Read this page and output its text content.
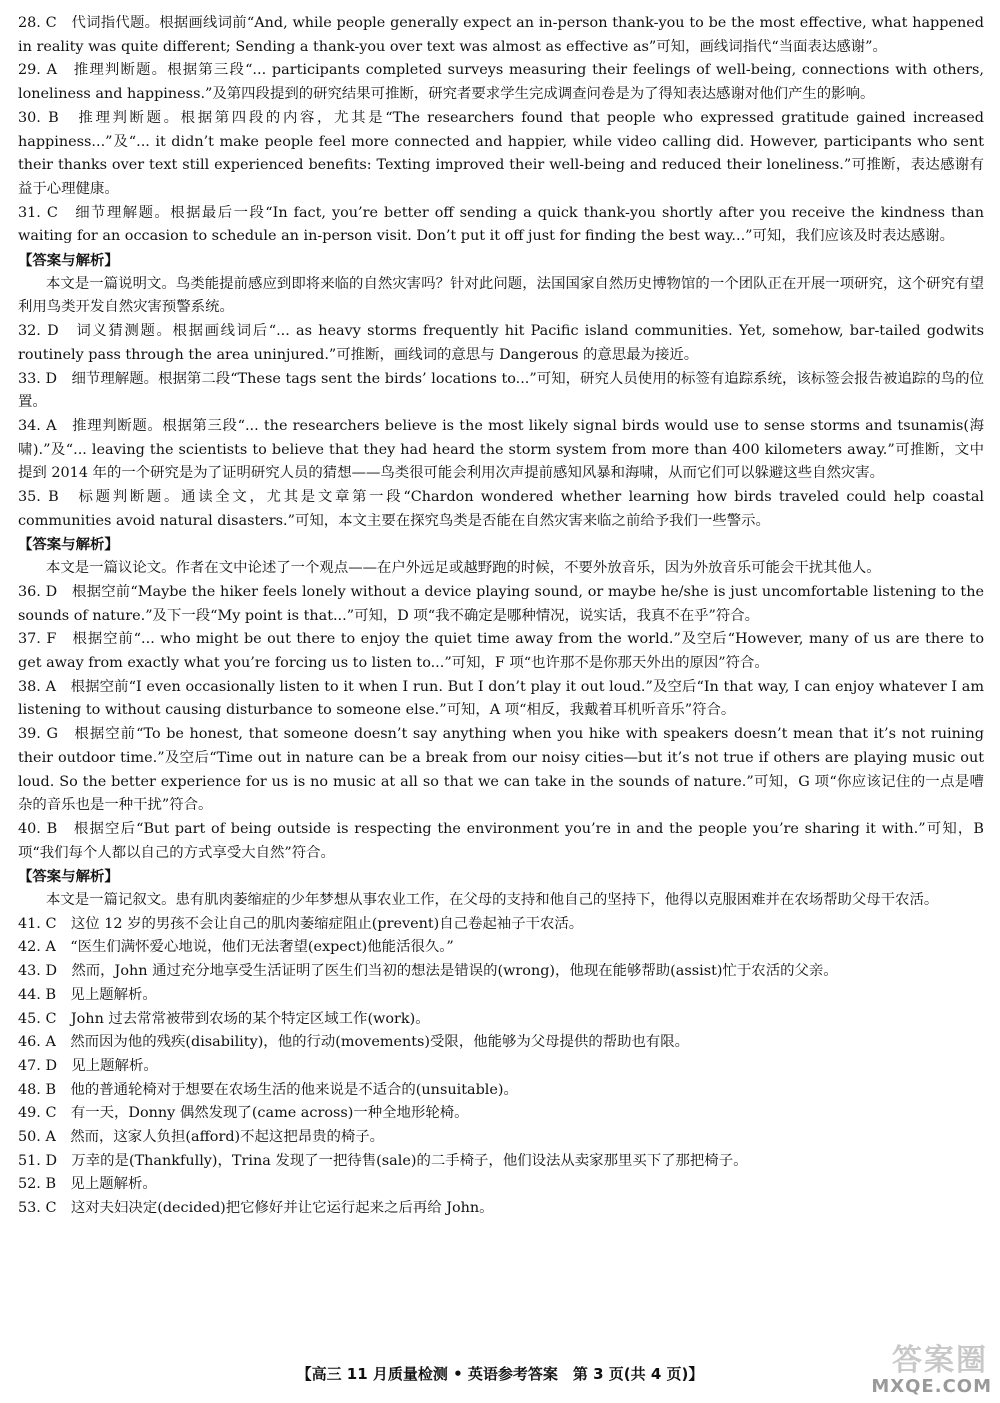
28. C　代词指代题。根据画线词前“And, while people generally expect an in-person thank-you to be the most effective, what happened in reality was quite different; Sending a thank-you over text was almost as effective as”可知，画线词指代“当面表达感谢”。

29. A　推理判断题。根据第三段“... participants completed surveys measuring their feelings of well-being, connections with others, loneliness and happiness.”及第四段提到的研究结果可推断，研究者要求学生完成调查问卷是为了得知表达感谢对他们产生的影响。

30. B　推理判断题。根据第四段的内容，尤其是“The researchers found that people who expressed gratitude gained increased happiness...”及“... it didn’t make people feel more connected and happier, while video calling did. However, participants who sent their thanks over text still experienced benefits: Texting improved their well-being and reduced their loneliness.”可推断，表达感谢有益于心理健康。

31. C　细节理解题。根据最后一段“In fact, you’re better off sending a quick thank-you shortly after you receive the kindness than waiting for an occasion to schedule an in-person visit. Don’t put it off just for finding the best way...”可知，我们应该及时表达感谢。

【答案与解析】

本文是一篇说明文。鸟类能提前感应到即将来临的自然灾害吗？针对此问题，法国国家自然历史博物馆的一个团队正在开展一项研究，这个研究有望利用鸟类开发自然灾害预警系统。

32. D　词义猜测题。根据画线词后“... as heavy storms frequently hit Pacific island communities. Yet, somehow, bar-tailed godwits routinely pass through the area uninjured.”可推断，画线词的意思与 Dangerous 的意思最为接近。

33. D　细节理解题。根据第二段“These tags sent the birds’ locations to...”可知，研究人员使用的标签有追踪系统，该标签会报告被追踪的鸟的位置。

34. A　推理判断题。根据第三段“... the researchers believe is the most likely signal birds would use to sense storms and tsunamis(海啸).”及“... leaving the scientists to believe that they had heard the storm system from more than 400 kilometers away.”可推断，文中提到 2014 年的一个研究是为了证明研究人员的猜想——鸟类很可能会利用次声提前感知风暴和海啸，从而它们可以躲避这些自然灾害。

35. B　标题判断题。通读全文，尤其是文章第一段“Chardon wondered whether learning how birds traveled could help coastal communities avoid natural disasters.”可知，本文主要在探究鸟类是否能在自然灾害来临之前给予我们一些警示。

【答案与解析】

本文是一篇议论文。作者在文中论述了一个观点——在户外远足或越野跑的时候，不要外放音乐，因为外放音乐可能会干扰其他人。

36. D　根据空前“Maybe the hiker feels lonely without a device playing sound, or maybe he/she is just uncomfortable listening to the sounds of nature.”及下一段“My point is that...”可知，D 项“我不确定是哪种情况，说实话，我真不在乎”符合。

37. F　根据空前“... who might be out there to enjoy the quiet time away from the world.”及空后“However, many of us are there to get away from exactly what you’re forcing us to listen to...”可知，F 项“也许那不是你那天外出的原因”符合。

38. A　根据空前“I even occasionally listen to it when I run. But I don’t play it out loud.”及空后“In that way, I can enjoy whatever I am listening to without causing disturbance to someone else.”可知，A 项“相反，我戴着耳机听音乐”符合。

39. G　根据空前“To be honest, that someone doesn’t say anything when you hike with speakers doesn’t mean that it’s not ruining their outdoor time.”及空后“Time out in nature can be a break from our noisy cities—but it’s not true if others are playing music out loud. So the better experience for us is no music at all so that we can take in the sounds of nature.”可知，G 项“你应该记住的一点是嘈杂的音乐也是一种干扰”符合。

40. B　根据空后“But part of being outside is respecting the environment you’re in and the people you’re sharing it with.”可知，B 项“我们每个人都以自己的方式享受大自然”符合。

【答案与解析】

本文是一篇记叙文。患有肌肉萎缩症的少年梦想从事农业工作，在父母的支持和他自己的坚持下，他得以克服困难并在农场帮助父母干农活。

41. C　这位 12 岁的男孩不会让自己的肌肉萎缩症阻止(prevent)自己卷起袖子干农活。

42. A　“医生们满怀爱心地说，他们无法奢望(expect)他能活很久。”

43. D　然而，John 通过充分地享受生活证明了医生们当初的想法是错误的(wrong)，他现在能够帮助(assist)忙于农活的父亲。

44. B　见上题解析。

45. C　John 过去常常被带到农场的某个特定区域工作(work)。

46. A　然而因为他的残疾(disability)，他的行动(movements)受限，他能够为父母提供的帮助也有限。

47. D　见上题解析。

48. B　他的普通轮椅对于想要在农场生活的他来说是不适合的(unsuitable)。

49. C　有一天，Donny 偶然发现了(came across)一种全地形轮椅。

50. A　然而，这家人负担(afford)不起这把昂贵的椅子。

51. D　万幸的是(Thankfully)，Trina 发现了一把待售(sale)的二手椅子，他们设法从卖家那里买下了那把椅子。

52. B　见上题解析。

53. C　这对夫妇决定(decided)把它修好并让它运行起来之后再给 John。

【高三 11 月质量检测 • 英语参考答案　第 3 页(共 4 页)】	答案圈
MXQE.COM
